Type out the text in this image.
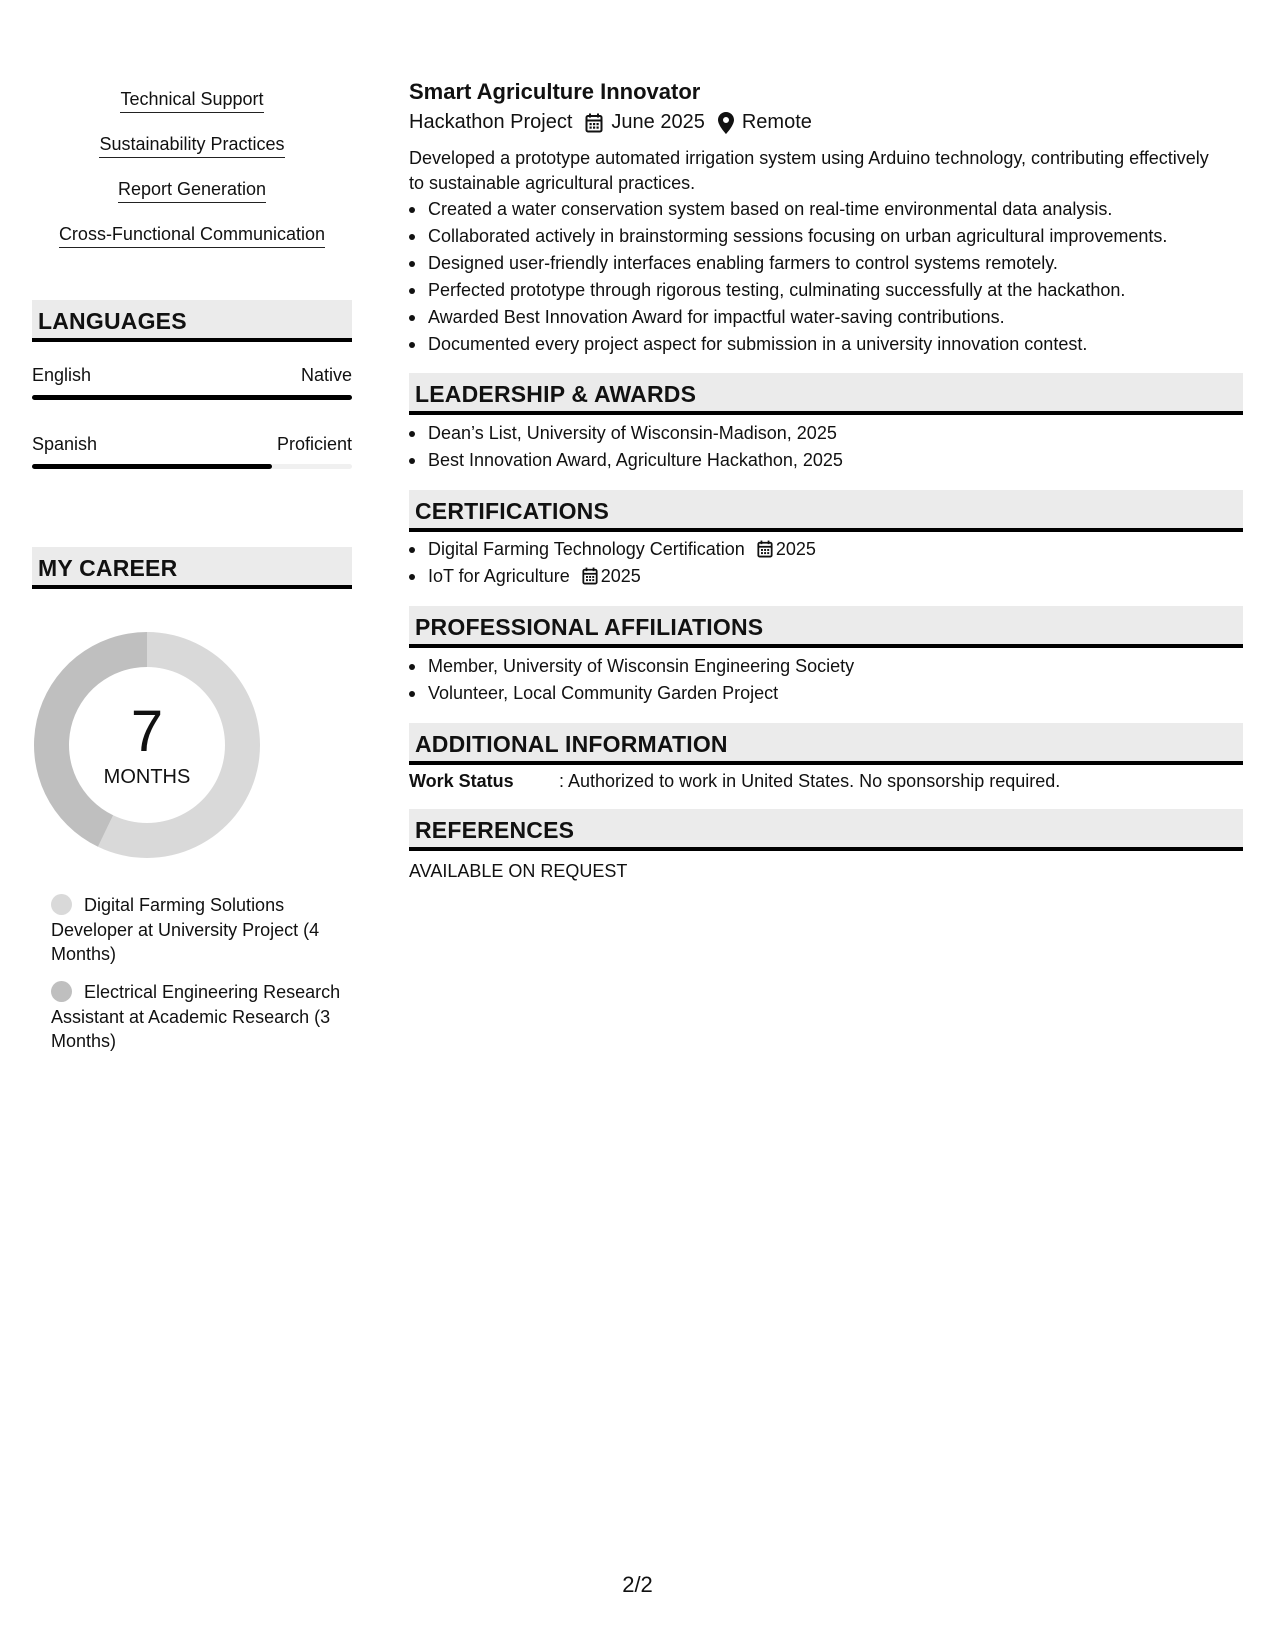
Technical Support
Sustainability Practices
Report Generation
Cross-Functional Communication
LANGUAGES
English	Native
Spanish	Proficient
MY CAREER
7
MONTHS
Digital Farming Solutions Developer at University Project (4 Months)
Electrical Engineering Research Assistant at Academic Research (3 Months)
Smart Agriculture Innovator
Hackathon Project June 2025 Remote
Developed a prototype automated irrigation system using Arduino technology, contributing effectively to sustainable agricultural practices.
Created a water conservation system based on real-time environmental data analysis.
Collaborated actively in brainstorming sessions focusing on urban agricultural improvements.
Designed user-friendly interfaces enabling farmers to control systems remotely.
Perfected prototype through rigorous testing, culminating successfully at the hackathon.
Awarded Best Innovation Award for impactful water-saving contributions.
Documented every project aspect for submission in a university innovation contest.
LEADERSHIP & AWARDS
Dean’s List, University of Wisconsin-Madison, 2025
Best Innovation Award, Agriculture Hackathon, 2025
CERTIFICATIONS
Digital Farming Technology Certification 2025
IoT for Agriculture 2025
PROFESSIONAL AFFILIATIONS
Member, University of Wisconsin Engineering Society
Volunteer, Local Community Garden Project
ADDITIONAL INFORMATION
Work Status	: Authorized to work in United States. No sponsorship required.
REFERENCES
AVAILABLE ON REQUEST
2/2
